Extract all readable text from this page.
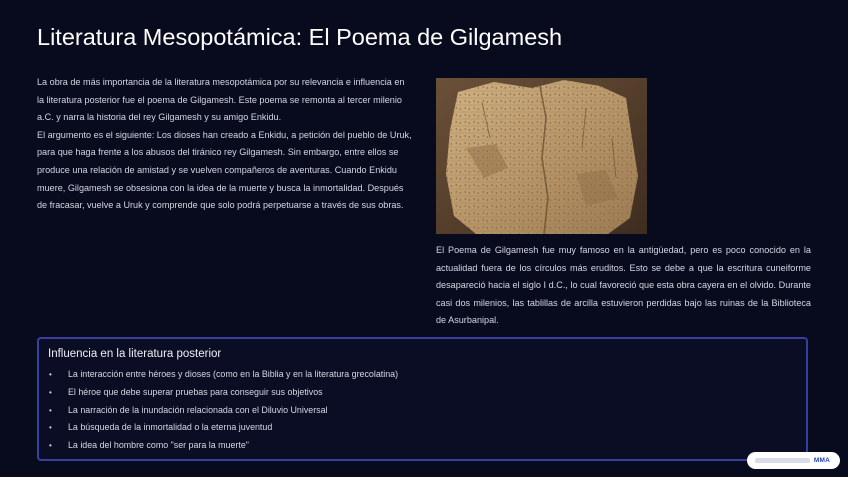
Literatura Mesopotámica: El Poema de Gilgamesh

La obra de más importancia de la literatura mesopotámica por su relevancia e influencia en la literatura posterior fue el poema de Gilgamesh. Este poema se remonta al tercer milenio a.C. y narra la historia del rey Gilgamesh y su amigo Enkidu.

El argumento es el siguiente: Los dioses han creado a Enkidu, a petición del pueblo de Uruk, para que haga frente a los abusos del tiránico rey Gilgamesh. Sin embargo, entre ellos se produce una relación de amistad y se vuelven compañeros de aventuras. Cuando Enkidu muere, Gilgamesh se obsesiona con la idea de la muerte y busca la inmortalidad. Después de fracasar, vuelve a Uruk y comprende que solo podrá perpetuarse a través de sus obras.

El Poema de Gilgamesh fue muy famoso en la antigüedad, pero es poco conocido en la actualidad fuera de los círculos más eruditos. Esto se debe a que la escritura cuneiforme desapareció hacia el siglo I d.C., lo cual favoreció que esta obra cayera en el olvido. Durante casi dos milenios, las tablillas de arcilla estuvieron perdidas bajo las ruinas de la Biblioteca de Asurbanipal.

Influencia en la literatura posterior
• La interacción entre héroes y dioses (como en la Biblia y en la literatura grecolatina)
• El héroe que debe superar pruebas para conseguir sus objetivos
• La narración de la inundación relacionada con el Diluvio Universal
• La búsqueda de la inmortalidad o la eterna juventud
• La idea del hombre como "ser para la muerte"
MMA
